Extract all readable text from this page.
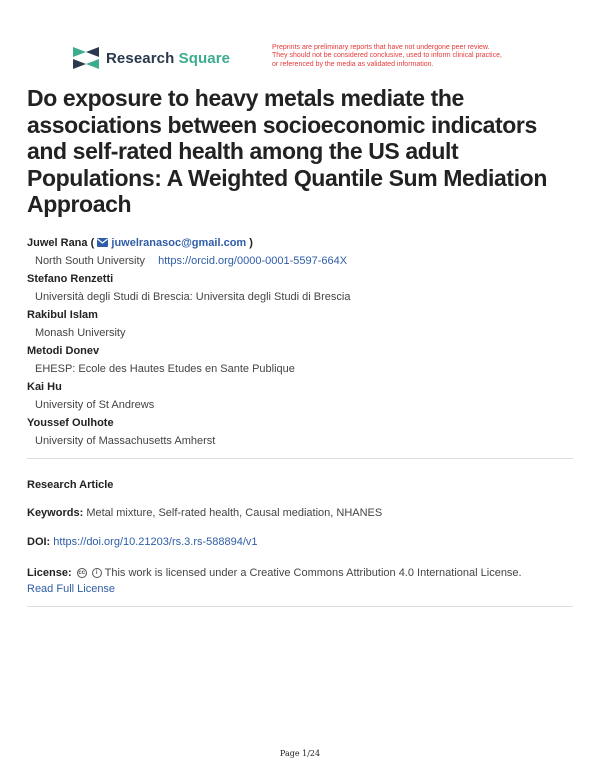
Research Square
Preprints are preliminary reports that have not undergone peer review.
They should not be considered conclusive, used to inform clinical practice,
or referenced by the media as validated information.
Do exposure to heavy metals mediate the associations between socioeconomic indicators and self-rated health among the US adult Populations: A Weighted Quantile Sum Mediation Approach
Juwel Rana (  juwelranasoc@gmail.com )
North South University https://orcid.org/0000-0001-5597-664X
Stefano Renzetti
Università degli Studi di Brescia: Universita degli Studi di Brescia
Rakibul Islam
Monash University
Metodi Donev
EHESP: Ecole des Hautes Etudes en Sante Publique
Kai Hu
University of St Andrews
Youssef Oulhote
University of Massachusetts Amherst
Research Article
Keywords: Metal mixture, Self-rated health, Causal mediation, NHANES
DOI: https://doi.org/10.21203/rs.3.rs-588894/v1
License: cc
	i This work is licensed under a Creative Commons Attribution 4.0 International License.
Read Full License
Page 1/24
